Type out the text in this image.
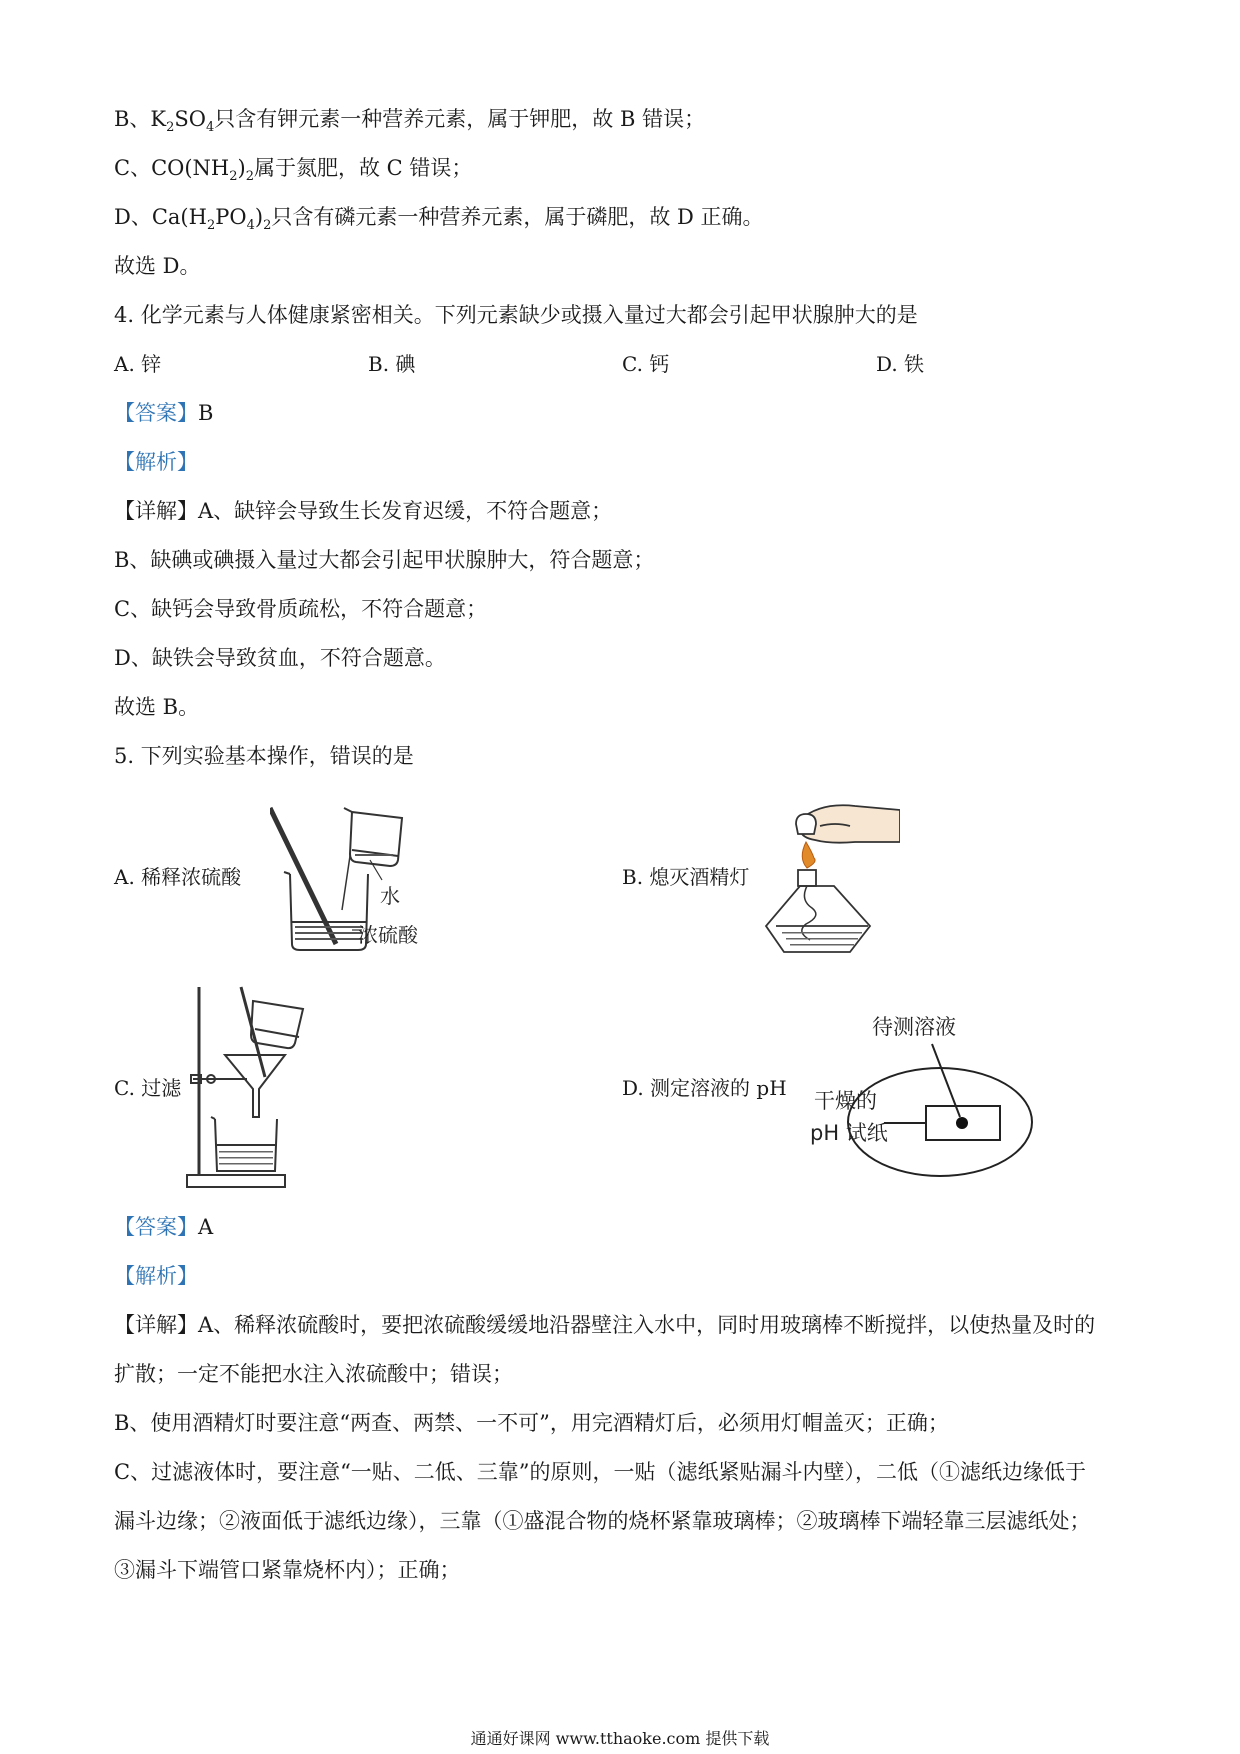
B、$K_2SO_4$只含有钾元素一种营养元素，属于钾肥，故 B 错误；
C、$CO(NH_2)_2$属于氮肥，故 C 错误；
D、$Ca(H_2PO_4)_2$只含有磷元素一种营养元素，属于磷肥，故 D 正确。
故选 D。
4. 化学元素与人体健康紧密相关。下列元素缺少或摄入量过大都会引起甲状腺肿大的是
A. 锌	B. 碘	C. 钙	D. 铁
【答案】B
【解析】
【详解】A、缺锌会导致生长发育迟缓，不符合题意；
B、缺碘或碘摄入量过大都会引起甲状腺肿大，符合题意；
C、缺钙会导致骨质疏松，不符合题意；
D、缺铁会导致贫血，不符合题意。
故选 B。
5. 下列实验基本操作，错误的是
A. 稀释浓硫酸	B. 熄灭酒精灯
C. 过滤	D. 测定溶液的 pH
水
浓硫酸
待测溶液
干燥的
pH 试纸
【答案】A
【解析】
【详解】A、稀释浓硫酸时，要把浓硫酸缓缓地沿器壁注入水中，同时用玻璃棒不断搅拌，以使热量及时的
扩散；一定不能把水注入浓硫酸中；错误；
B、使用酒精灯时要注意“两查、两禁、一不可”，用完酒精灯后，必须用灯帽盖灭；正确；
C、过滤液体时，要注意“一贴、二低、三靠”的原则，一贴（滤纸紧贴漏斗内壁），二低（①滤纸边缘低于
漏斗边缘；②液面低于滤纸边缘），三靠（①盛混合物的烧杯紧靠玻璃棒；②玻璃棒下端轻靠三层滤纸处；
③漏斗下端管口紧靠烧杯内）；正确；
通通好课网 www.tthaoke.com 提供下载
